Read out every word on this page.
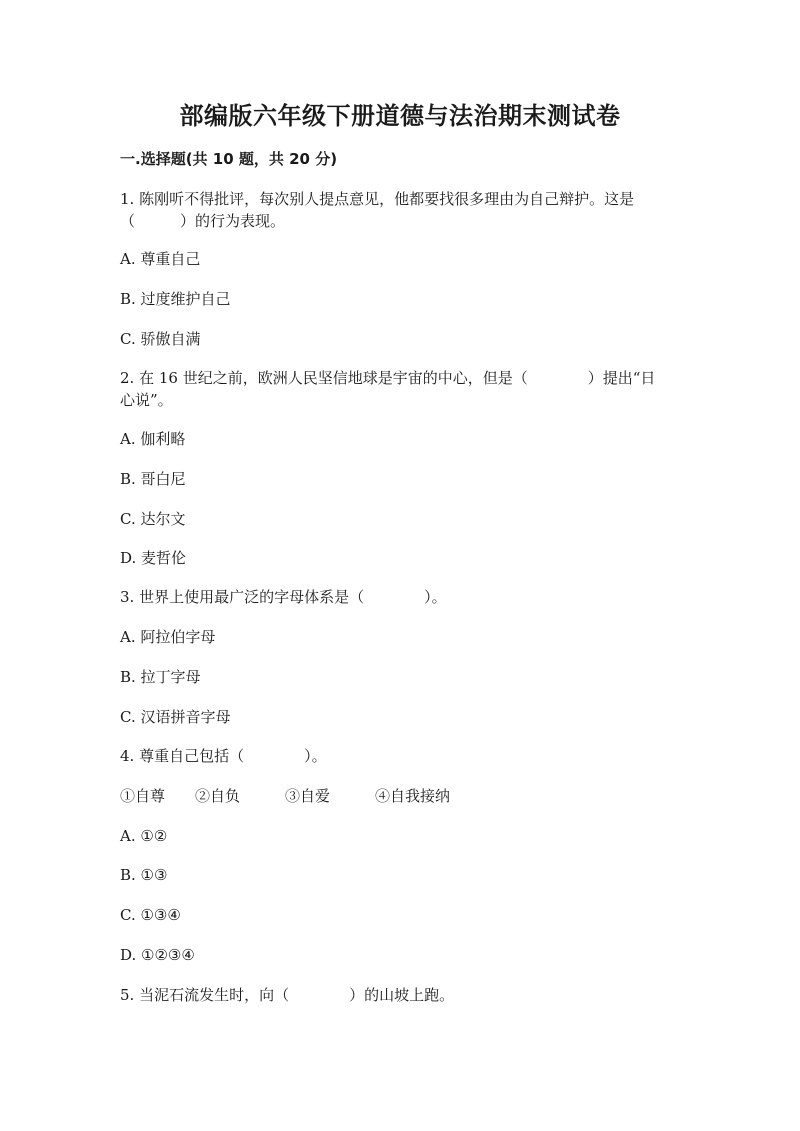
部编版六年级下册道德与法治期末测试卷
一.选择题(共 10 题，共 20 分)
1. 陈刚听不得批评，每次别人提点意见，他都要找很多理由为自己辩护。这是
（　　　）的行为表现。
A. 尊重自己
B. 过度维护自己
C. 骄傲自满
2. 在 16 世纪之前，欧洲人民坚信地球是宇宙的中心，但是（　　　　）提出“日
心说”。
A. 伽利略
B. 哥白尼
C. 达尔文
D. 麦哲伦
3. 世界上使用最广泛的字母体系是（　　　　）。
A. 阿拉伯字母
B. 拉丁字母
C. 汉语拼音字母
4. 尊重自己包括（　　　　）。
①自尊　　②自负　　　③自爱　　　④自我接纳
A. ①②
B. ①③
C. ①③④
D. ①②③④
5. 当泥石流发生时，向（　　　　）的山坡上跑。
